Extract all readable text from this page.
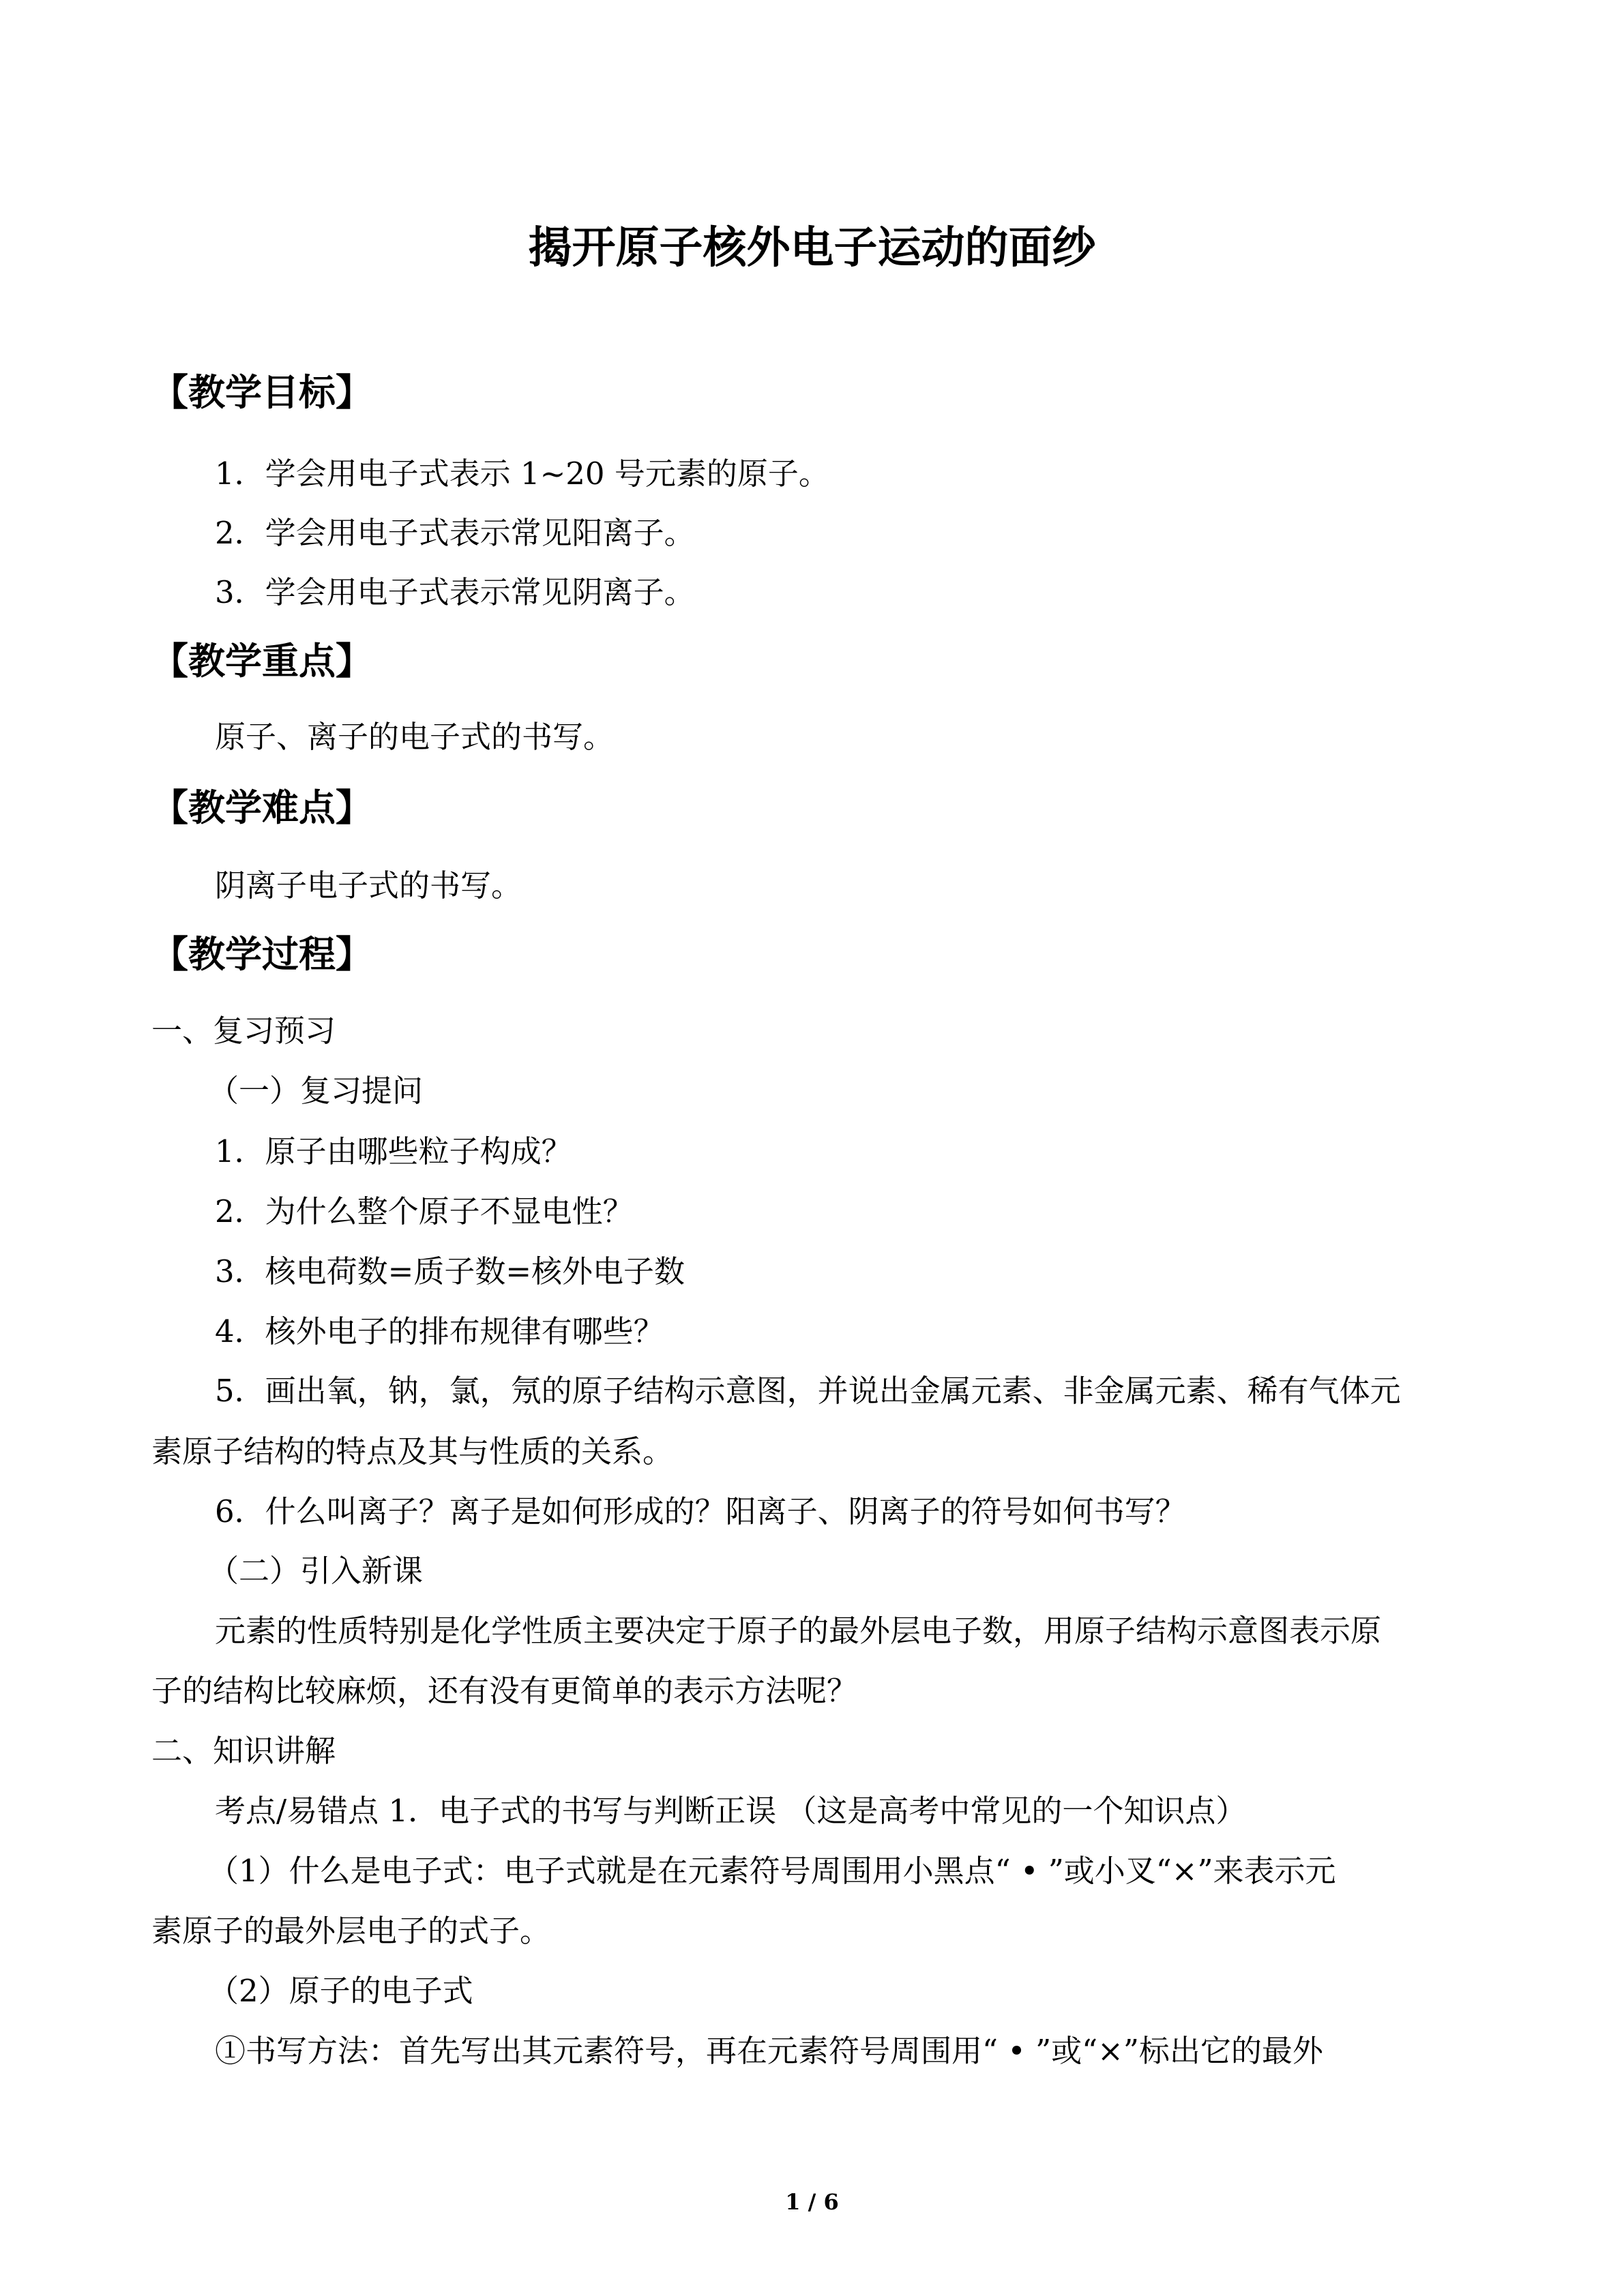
揭开原子核外电子运动的面纱
【教学目标】
1．学会用电子式表示 1~20 号元素的原子。
2．学会用电子式表示常见阳离子。
3．学会用电子式表示常见阴离子。
【教学重点】
原子、离子的电子式的书写。
【教学难点】
阴离子电子式的书写。
【教学过程】
一、复习预习
（一）复习提问
1．原子由哪些粒子构成？
2．为什么整个原子不显电性？
3．核电荷数=质子数=核外电子数
4．核外电子的排布规律有哪些？
5．画出氧，钠，氯，氖的原子结构示意图，并说出金属元素、非金属元素、稀有气体元
素原子结构的特点及其与性质的关系。
6．什么叫离子？离子是如何形成的？阳离子、阴离子的符号如何书写？
（二）引入新课
元素的性质特别是化学性质主要决定于原子的最外层电子数，用原子结构示意图表示原
子的结构比较麻烦，还有没有更简单的表示方法呢？
二、知识讲解
考点/易错点 1．电子式的书写与判断正误 （这是高考中常见的一个知识点）
（1）什么是电子式：电子式就是在元素符号周围用小黑点“ • ”或小叉“×”来表示元
素原子的最外层电子的式子。
（2）原子的电子式
①书写方法：首先写出其元素符号，再在元素符号周围用“ • ”或“×”标出它的最外
1 / 6
